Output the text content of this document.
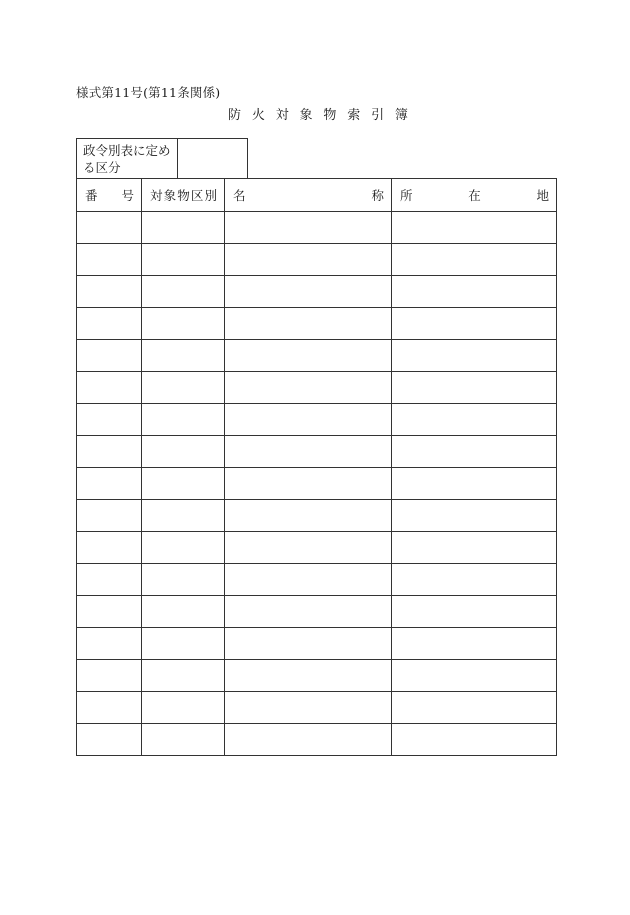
様式第11号(第11条関係)
防 火 対 象 物 索 引 簿
政令別表に定め
る区分
番 号	対 象 物 区 別	名 称	所 在 地
